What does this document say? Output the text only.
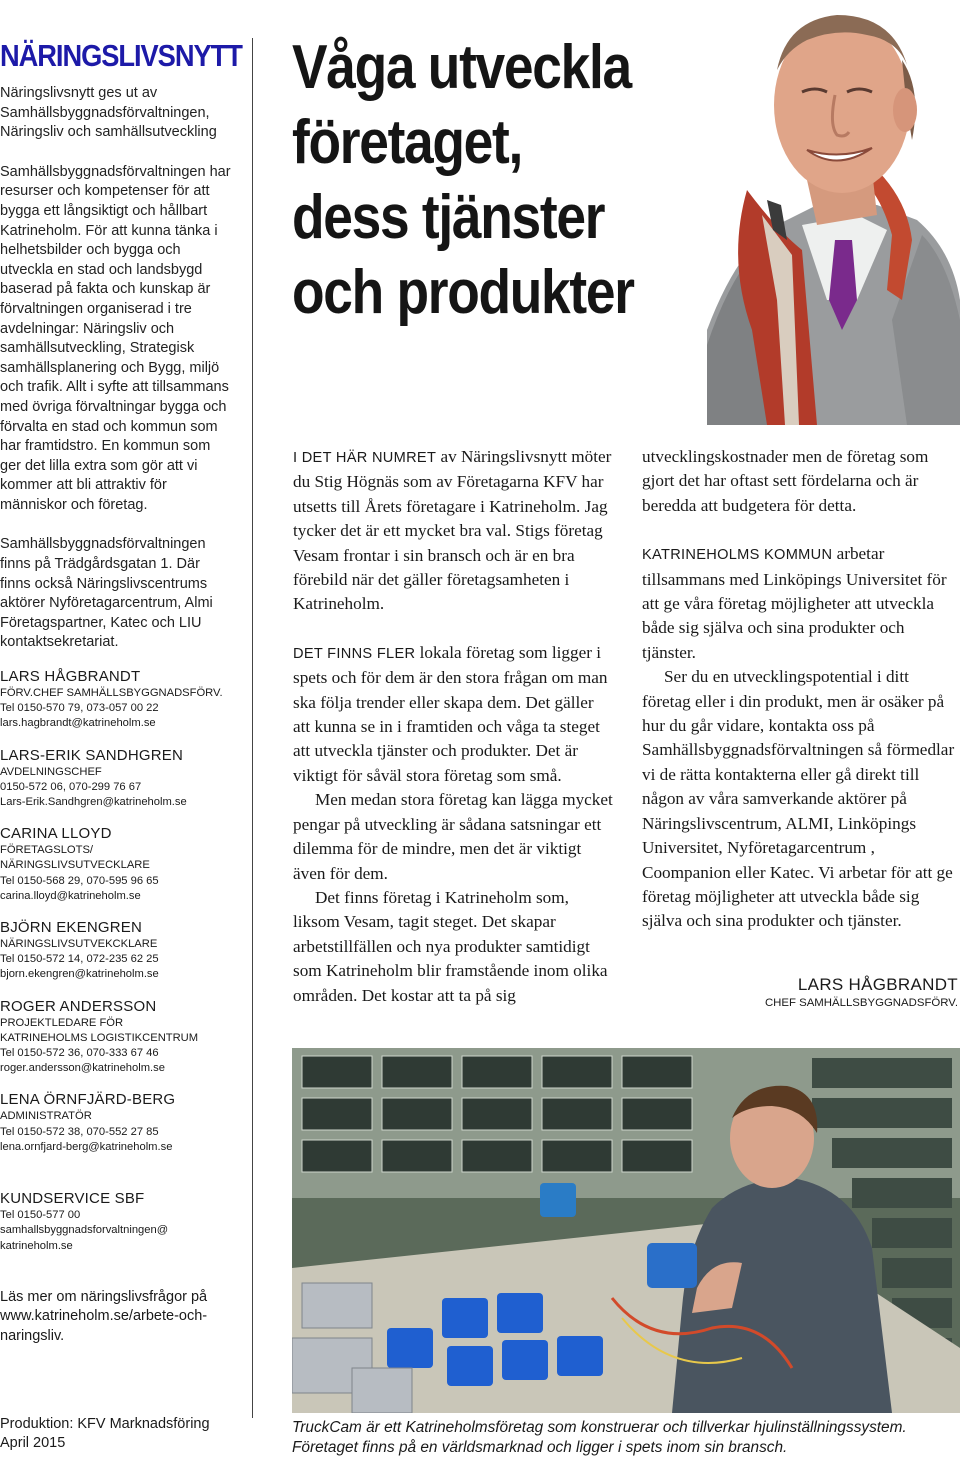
NÄRINGSLIVSNYTT

Näringslivsnytt ges ut av Samhällsbyggnadsförvaltningen, Näringsliv och samhällsutveckling

Samhällsbyggnadsförvaltningen har resurser och kompetenser för att bygga ett långsiktigt och hållbart Katrineholm. För att kunna tänka i helhetsbilder och bygga och utveckla en stad och landsbygd baserad på fakta och kunskap är förvaltningen organiserad i tre avdelningar: Näringsliv och samhällsutveckling, Strategisk samhällsplanering och Bygg, miljö och trafik. Allt i syfte att tillsammans med övriga förvaltningar bygga och förvalta en stad och kommun som har framtidstro. En kommun som ger det lilla extra som gör att vi kommer att bli attraktiv för människor och företag.

Samhällsbyggnadsförvaltningen finns på Trädgårdsgatan 1. Där finns också Näringslivscentrums aktörer Nyföretagarcentrum, Almi Företagspartner, Katec och LIU kontaktsekretariat.

LARS HÅGBRANDT
FÖRV.CHEF SAMHÄLLSBYGGNADSFÖRV.
Tel 0150-570 79, 073-057 00 22
lars.hagbrandt@katrineholm.se
LARS-ERIK SANDHGREN
AVDELNINGSCHEF
0150-572 06, 070-299 76 67
Lars-Erik.Sandhgren@katrineholm.se
CARINA LLOYD
FÖRETAGSLOTS/
NÄRINGSLIVSUTVECKLARE
Tel 0150-568 29, 070-595 96 65
carina.lloyd@katrineholm.se
BJÖRN EKENGREN
NÄRINGSLIVSUTVEKCKLARE
Tel 0150-572 14, 072-235 62 25
bjorn.ekengren@katrineholm.se
ROGER ANDERSSON
PROJEKTLEDARE FÖR
KATRINEHOLMS LOGISTIKCENTRUM
Tel 0150-572 36, 070-333 67 46
roger.andersson@katrineholm.se
LENA ÖRNFJÄRD-BERG
ADMINISTRATÖR
Tel 0150-572 38, 070-552 27 85
lena.ornfjard-berg@katrineholm.se
KUNDSERVICE SBF
Tel 0150-577 00
samhallsbyggnadsforvaltningen@
katrineholm.se

Läs mer om näringslivsfrågor på www.katrineholm.se/arbete-och-naringsliv.

Produktion: KFV Marknadsföring
April 2015
Våga utveckla
företaget,
dess tjänster
och produkter

I DET HÄR NUMRET av Näringslivsnytt möter du Stig Högnäs som av Företagarna KFV har utsetts till Årets företagare i Katrineholm. Jag tycker det är ett mycket bra val. Stigs företag Vesam frontar i sin bransch och är en bra förebild när det gäller företagsamheten i Katrineholm.

DET FINNS FLER lokala företag som ligger i spets och för dem är den stora frågan om man ska följa trender eller skapa dem. Det gäller att kunna se in i framtiden och våga ta steget att utveckla tjänster och produkter. Det är viktigt för såväl stora företag som små.

Men medan stora företag kan lägga mycket pengar på utveckling är sådana satsningar ett dilemma för de mindre, men det är viktigt även för dem.

Det finns företag i Katrineholm som, liksom Vesam, tagit steget. Det skapar arbetstillfällen och nya produkter samtidigt som Katrineholm blir framstående inom olika områden. Det kostar att ta på sig

utvecklingskostnader men de företag som gjort det har oftast sett fördelarna och är beredda att budgetera för detta.

KATRINEHOLMS KOMMUN arbetar tillsammans med Linköpings Universitet för att ge våra företag möjligheter att utveckla både sig själva och sina produkter och tjänster.

Ser du en utvecklingspotential i ditt företag eller i din produkt, men är osäker på hur du går vidare, kontakta oss på Samhällsbyggnadsförvaltningen så förmedlar vi de rätta kontakterna eller gå direkt till någon av våra samverkande aktörer på Näringslivscentrum, ALMI, Linköpings Universitet, Nyföretagarcentrum , Coompanion eller Katec. Vi arbetar för att ge företag möjligheter att utveckla både sig själva och sina produkter och tjänster.

LARS HÅGBRANDT
CHEF SAMHÄLLSBYGGNADSFÖRV.
TruckCam är ett Katrineholmsföretag som konstruerar och tillverkar hjulinställningssystem. Företaget finns på en världsmarknad och ligger i spets inom sin bransch.
